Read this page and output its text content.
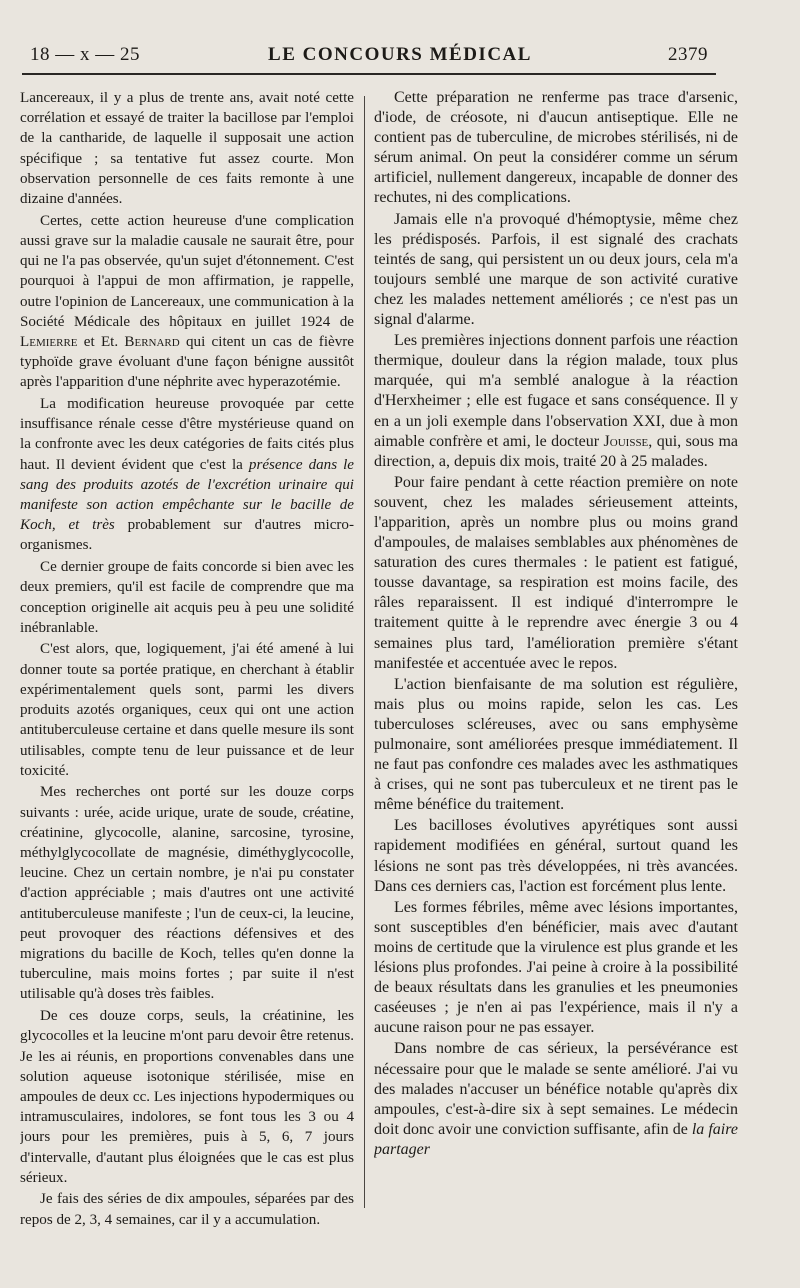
18 — x — 25	LE CONCOURS MÉDICAL	2379

Lancereaux, il y a plus de trente ans, avait noté cette corrélation et essayé de traiter la bacillose par l'emploi de la cantharide, de laquelle il supposait une action spécifique ; sa tentative fut assez courte. Mon observation personnelle de ces faits remonte à une dizaine d'années.

Certes, cette action heureuse d'une complication aussi grave sur la maladie causale ne saurait être, pour qui ne l'a pas observée, qu'un sujet d'étonnement. C'est pourquoi à l'appui de mon affirmation, je rappelle, outre l'opinion de Lancereaux, une communication à la Société Médicale des hôpitaux en juillet 1924 de Lemierre et Et. Bernard qui citent un cas de fièvre typhoïde grave évoluant d'une façon bénigne aussitôt après l'apparition d'une néphrite avec hyperazotémie.

La modification heureuse provoquée par cette insuffisance rénale cesse d'être mystérieuse quand on la confronte avec les deux catégories de faits cités plus haut. Il devient évident que c'est la présence dans le sang des produits azotés de l'excrétion urinaire qui manifeste son action empêchante sur le bacille de Koch, et très probablement sur d'autres micro-organismes.

Ce dernier groupe de faits concorde si bien avec les deux premiers, qu'il est facile de comprendre que ma conception originelle ait acquis peu à peu une solidité inébranlable.

C'est alors, que, logiquement, j'ai été amené à lui donner toute sa portée pratique, en cherchant à établir expérimentalement quels sont, parmi les divers produits azotés organiques, ceux qui ont une action antituberculeuse certaine et dans quelle mesure ils sont utilisables, compte tenu de leur puissance et de leur toxicité.

Mes recherches ont porté sur les douze corps suivants : urée, acide urique, urate de soude, créatine, créatinine, glycocolle, alanine, sarcosine, tyrosine, méthylglycocollate de magnésie, diméthyglycocolle, leucine. Chez un certain nombre, je n'ai pu constater d'action appréciable ; mais d'autres ont une activité antituberculeuse manifeste ; l'un de ceux-ci, la leucine, peut provoquer des réactions défensives et des migrations du bacille de Koch, telles qu'en donne la tuberculine, mais moins fortes ; par suite il n'est utilisable qu'à doses très faibles.

De ces douze corps, seuls, la créatinine, les glycocolles et la leucine m'ont paru devoir être retenus. Je les ai réunis, en proportions convenables dans une solution aqueuse isotonique stérilisée, mise en ampoules de deux cc. Les injections hypodermiques ou intramusculaires, indolores, se font tous les 3 ou 4 jours pour les premières, puis à 5, 6, 7 jours d'intervalle, d'autant plus éloignées que le cas est plus sérieux.

Je fais des séries de dix ampoules, séparées par des repos de 2, 3, 4 semaines, car il y a accumulation.

Cette préparation ne renferme pas trace d'arsenic, d'iode, de créosote, ni d'aucun antiseptique. Elle ne contient pas de tuberculine, de microbes stérilisés, ni de sérum animal. On peut la considérer comme un sérum artificiel, nullement dangereux, incapable de donner des rechutes, ni des complications.

Jamais elle n'a provoqué d'hémoptysie, même chez les prédisposés. Parfois, il est signalé des crachats teintés de sang, qui persistent un ou deux jours, cela m'a toujours semblé une marque de son activité curative chez les malades nettement améliorés ; ce n'est pas un signal d'alarme.

Les premières injections donnent parfois une réaction thermique, douleur dans la région malade, toux plus marquée, qui m'a semblé analogue à la réaction d'Herxheimer ; elle est fugace et sans conséquence. Il y en a un joli exemple dans l'observation XXI, due à mon aimable confrère et ami, le docteur Jouisse, qui, sous ma direction, a, depuis dix mois, traité 20 à 25 malades.

Pour faire pendant à cette réaction première on note souvent, chez les malades sérieusement atteints, l'apparition, après un nombre plus ou moins grand d'ampoules, de malaises semblables aux phénomènes de saturation des cures thermales : le patient est fatigué, tousse davantage, sa respiration est moins facile, des râles reparaissent. Il est indiqué d'interrompre le traitement quitte à le reprendre avec énergie 3 ou 4 semaines plus tard, l'amélioration première s'étant manifestée et accentuée avec le repos.

L'action bienfaisante de ma solution est régulière, mais plus ou moins rapide, selon les cas. Les tuberculoses scléreuses, avec ou sans emphysème pulmonaire, sont améliorées presque immédiatement. Il ne faut pas confondre ces malades avec les asthmatiques à crises, qui ne sont pas tuberculeux et ne tirent pas le même bénéfice du traitement.

Les bacilloses évolutives apyrétiques sont aussi rapidement modifiées en général, surtout quand les lésions ne sont pas très développées, ni très avancées. Dans ces derniers cas, l'action est forcément plus lente.

Les formes fébriles, même avec lésions importantes, sont susceptibles d'en bénéficier, mais avec d'autant moins de certitude que la virulence est plus grande et les lésions plus profondes. J'ai peine à croire à la possibilité de beaux résultats dans les granulies et les pneumonies caséeuses ; je n'en ai pas l'expérience, mais il n'y a aucune raison pour ne pas essayer.

Dans nombre de cas sérieux, la persévérance est nécessaire pour que le malade se sente amélioré. J'ai vu des malades n'accuser un bénéfice notable qu'après dix ampoules, c'est-à-dire six à sept semaines. Le médecin doit donc avoir une conviction suffisante, afin de la faire partager
